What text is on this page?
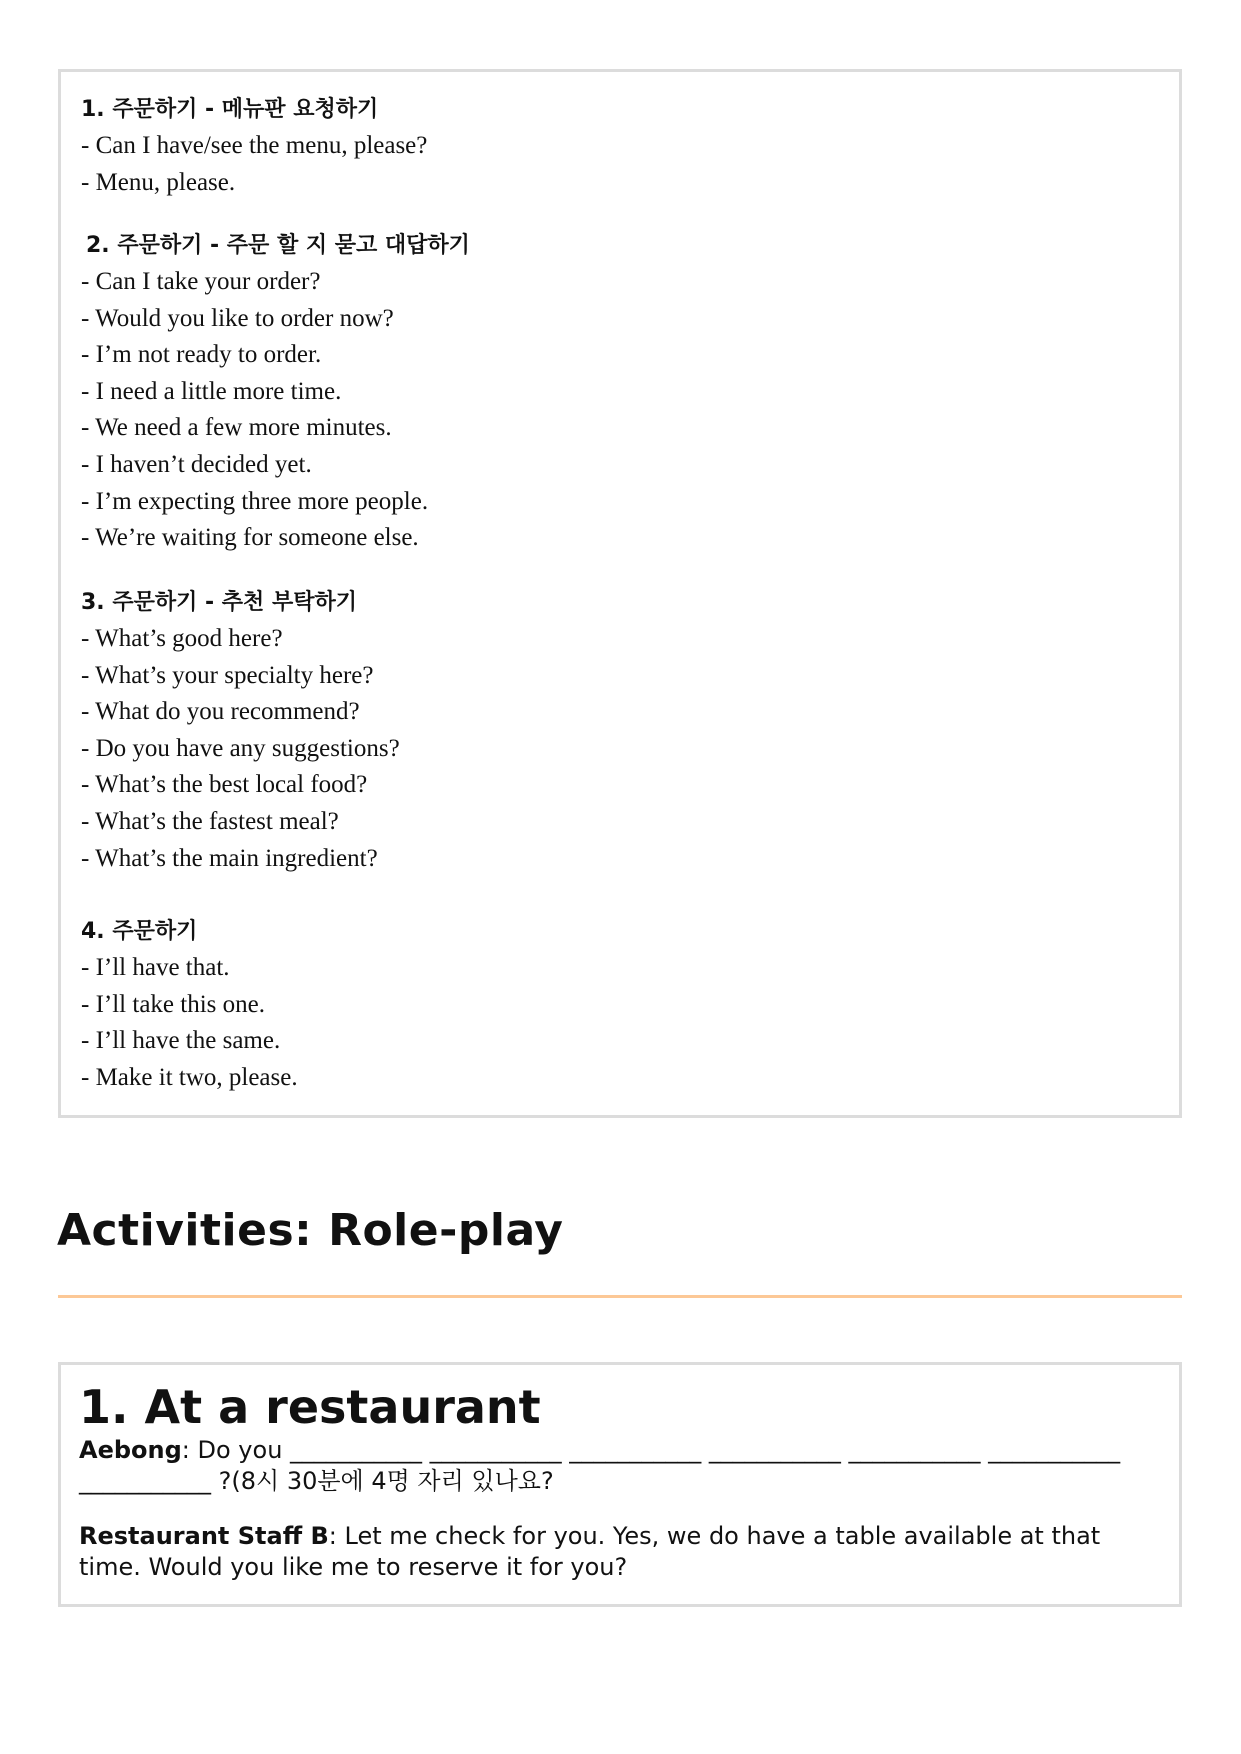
1. 주문하기 - 메뉴판 요청하기
- Can I have/see the menu, please?
- Menu, please.
2. 주문하기 - 주문 할 지 묻고 대답하기
- Can I take your order?
- Would you like to order now?
- I’m not ready to order.
- I need a little more time.
- We need a few more minutes.
- I haven’t decided yet.
- I’m expecting three more people.
- We’re waiting for someone else.
3. 주문하기 - 추천 부탁하기
- What’s good here?
- What’s your specialty here?
- What do you recommend?
- Do you have any suggestions?
- What’s the best local food?
- What’s the fastest meal?
- What’s the main ingredient?
4. 주문하기
- I’ll have that.
- I’ll take this one.
- I’ll have the same.
- Make it two, please.
Activities: Role-play
1. At a restaurant

Aebong: Do you ___________ ___________ ___________ ___________ ___________ ___________ ___________ ?(8시 30분에 4명 자리 있나요?

Restaurant Staff B: Let me check for you. Yes, we do have a table available at that time. Would you like me to reserve it for you?
